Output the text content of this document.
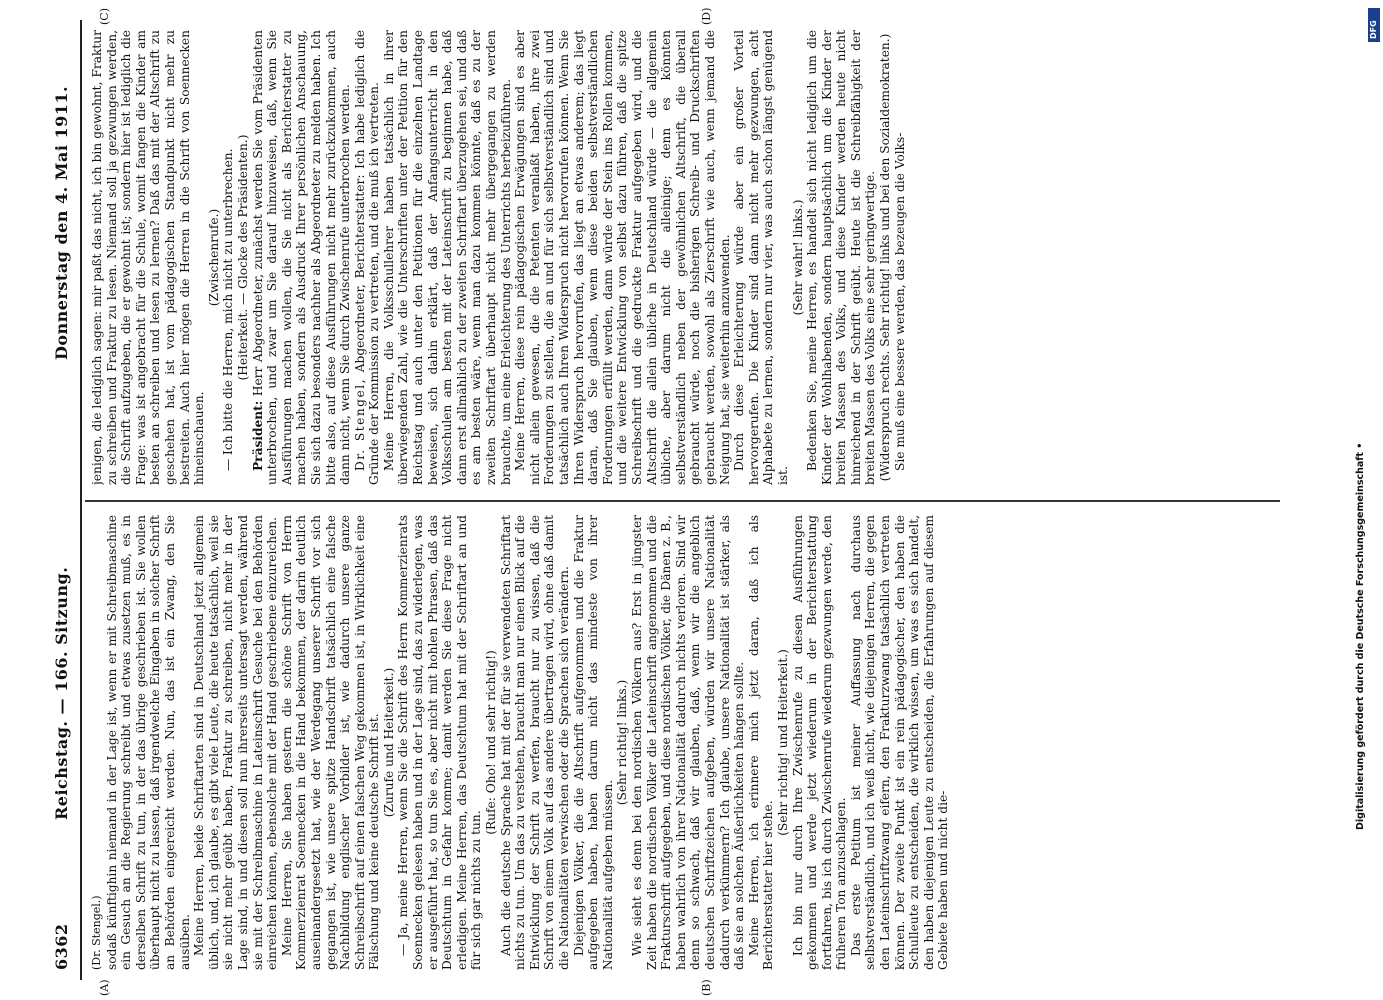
6362
Reichstag. — 166. Sitzung.
Donnerstag den 4. Mai 1911.
(A)	(B)
(C)	(D)

(Dr. Stengel.) sodaß künftighin niemand in der Lage ist, wenn er mit Schreibmaschine ein Gesuch an die Regierung schreibt und etwas zusetzen muß, es in derselben Schrift zu tun, in der das übrige geschrieben ist. Sie wollen überhaupt nicht zu lassen, daß irgendwelche Eingaben in solcher Schrift an Behörden eingereicht werden. Nun, das ist ein Zwang, den Sie ausüben. Meine Herren, beide Schriftarten sind in Deutschland jetzt allgemein üblich, und, ich glaube, es gibt viele Leute, die heute tatsächlich, weil sie sie nicht mehr geübt haben, Fraktur zu schreiben, nicht mehr in der Lage sind, in und diesen soll nun ihrerseits untersagt werden, während sie mit der Schreibmaschine in Lateinschrift Gesuche bei den Behörden einreichen können, ebensolche mit der Hand geschriebene einzureichen. Meine Herren, Sie haben gestern die schöne Schrift von Herrn Kommerzienrat Soennecken in die Hand bekommen, der darin deutlich auseinandergesetzt hat, wie der Werdegang unserer Schrift vor sich gegangen ist, wie unsere spitze Handschrift tatsächlich eine falsche Nachbildung englischer Vorbilder ist, wie dadurch unsere ganze Schreibschrift auf einen falschen Weg gekommen ist, in Wirklichkeit eine Fälschung und keine deutsche Schrift ist. (Zurufe und Heiterkeit.) — Ja, meine Herren, wenn Sie die Schrift des Herrn Kommerzienrats Soennecken gelesen haben und in der Lage sind, das zu widerlegen, was er ausgeführt hat, so tun Sie es, aber nicht mit hohlen Phrasen, daß das Deutschtum in Gefahr komme; damit werden Sie diese Frage nicht erledigen. Meine Herren, das Deutschtum hat mit der Schriftart an und für sich gar nichts zu tun.

(Rufe: Oho! und sehr richtig!) Auch die deutsche Sprache hat mit der für sie verwendeten Schriftart nichts zu tun. Um das zu verstehen, braucht man nur einen Blick auf die Entwicklung der Schrift zu werfen, braucht nur zu wissen, daß die Schrift von einem Volk auf das andere übertragen wird, ohne daß damit die Nationalitäten verwischen oder die Sprachen sich verändern. Diejenigen Völker, die die Altschrift aufgenommen und die Fraktur aufgegeben haben, haben darum nicht das mindeste von ihrer Nationalität aufgeben müssen.

(Sehr richtig! links.) Wie sieht es denn bei den nordischen Völkern aus? Erst in jüngster Zeit haben die nordischen Völker die Lateinschrift angenommen und die Frakturschrift aufgegeben, und diese nordischen Völker, die Dänen z. B., haben wahrlich von ihrer Nationalität dadurch nichts verloren. Sind wir denn so schwach, daß wir glauben, daß, wenn wir die angeblich deutschen Schriftzeichen aufgeben, würden wir unsere Nationalität dadurch verkümmern? Ich glaube, unsere Nationalität ist stärker, als daß sie an solchen Äußerlichkeiten hängen sollte. Meine Herren, ich erinnere mich jetzt daran, daß ich als Berichterstatter hier stehe.

(Sehr richtig! und Heiterkeit.) Ich bin nur durch Ihre Zwischenrufe zu diesen Ausführungen gekommen und werde jetzt wiederum in der Berichterstattung fortfahren, bis ich durch Zwischenrufe wiederum gezwungen werde, den früheren Ton anzuschlagen. Das erste Petitum ist meiner Auffassung nach durchaus selbstverständlich, und ich weiß nicht, wie diejenigen Herren, die gegen den Lateinschriftzwang eifern, den Frakturzwang tatsächlich vertreten können. Der zweite Punkt ist ein rein pädagogischer, den haben die Schulleute zu entscheiden, die wirklich wissen, um was es sich handelt, den haben diejenigen Leute zu entscheiden, die Erfahrungen auf diesem Gebiete haben und nicht die-

jenigen, die lediglich sagen: mir paßt das nicht, ich bin gewohnt, Fraktur zu schreiben und Fraktur zu lesen. Niemand soll ja gezwungen werden, die Schrift aufzugeben, die er gewohnt ist; sondern hier ist lediglich die Frage: was ist angebracht für die Schule, womit fangen die Kinder am besten an schreiben und lesen zu lernen? Daß das mit der Altschrift zu geschehen hat, ist vom pädagogischen Standpunkt nicht mehr zu bestreiten. Auch hier mögen die Herren in die Schrift von Soennecken hineinschauen.

(Zwischenrufe.) — Ich bitte die Herren, mich nicht zu unterbrechen. (Heiterkeit. — Glocke des Präsidenten.)

Präsident: Herr Abgeordneter, zunächst werden Sie vom Präsidenten unterbrochen, und zwar um Sie darauf hinzuweisen, daß, wenn Sie Ausführungen machen wollen, die Sie nicht als Berichterstatter zu machen haben, sondern als Ausdruck Ihrer persönlichen Anschauung, Sie sich dazu besonders nachher als Abgeordneter zu melden haben. Ich bitte also, auf diese Ausführungen nicht mehr zurückzukommen, auch dann nicht, wenn Sie durch Zwischenrufe unterbrochen werden. Dr. Stengel, Abgeordneter, Berichterstatter: Ich habe lediglich die Gründe der Kommission zu vertreten, und die muß ich vertreten. Meine Herren, die Volksschullehrer haben tatsächlich in ihrer überwiegenden Zahl, wie die Unterschriften unter der Petition für den Reichstag und auch unter den Petitionen für die einzelnen Landtage beweisen, sich dahin erklärt, daß der Anfangsunterricht in den Volksschulen am besten mit der Lateinschrift zu beginnen habe, daß dann erst allmählich zu der zweiten Schriftart überzugehen sei, und daß es am besten wäre, wenn man dazu kommen könnte, daß es zu der zweiten Schriftart überhaupt nicht mehr übergegangen zu werden brauchte, um eine Erleichterung des Unterrichts herbeizuführen. Meine Herren, diese rein pädagogischen Erwägungen sind es aber nicht allein gewesen, die die Petenten veranlaßt haben, ihre zwei Forderungen zu stellen, die an und für sich selbstverständlich sind und tatsächlich auch Ihren Widerspruch nicht hervorrufen können. Wenn Sie Ihren Widerspruch hervorrufen, das liegt an etwas anderem; das liegt daran, daß Sie glauben, wenn diese beiden selbstverständlichen Forderungen erfüllt werden, dann würde der Stein ins Rollen kommen, und die weitere Entwicklung von selbst dazu führen, daß die spitze Schreibschrift und die gedruckte Fraktur aufgegeben wird, und die Altschrift die allein übliche in Deutschland würde — die allgemein übliche, aber darum nicht die alleinige; denn es könnten selbstverständlich neben der gewöhnlichen Altschrift, die überall gebraucht würde, noch die bisherigen Schreib- und Druckschriften gebraucht werden, sowohl als Zierschrift wie auch, wenn jemand die Neigung hat, sie weiterhin anzuwenden. Durch diese Erleichterung würde aber ein großer Vorteil hervorgerufen. Die Kinder sind dann nicht mehr gezwungen, acht Alphabete zu lernen, sondern nur vier, was auch schon längst genügend ist.

(Sehr wahr! links.) Bedenken Sie, meine Herren, es handelt sich nicht lediglich um die Kinder der Wohlhabenden, sondern hauptsächlich um die Kinder der breiten Massen des Volks, und diese Kinder werden heute nicht hinreichend in der Schrift geübt. Heute ist die Schreibfähigkeit der breiten Massen des Volks eine sehr geringwertige. (Widerspruch rechts. Sehr richtig! links und bei den Sozialdemokraten.) Sie muß eine bessere werden, das bezeugen die Volks-

Digitalisierung gefördert durch die Deutsche Forschungsgemeinschaft •
DFG
